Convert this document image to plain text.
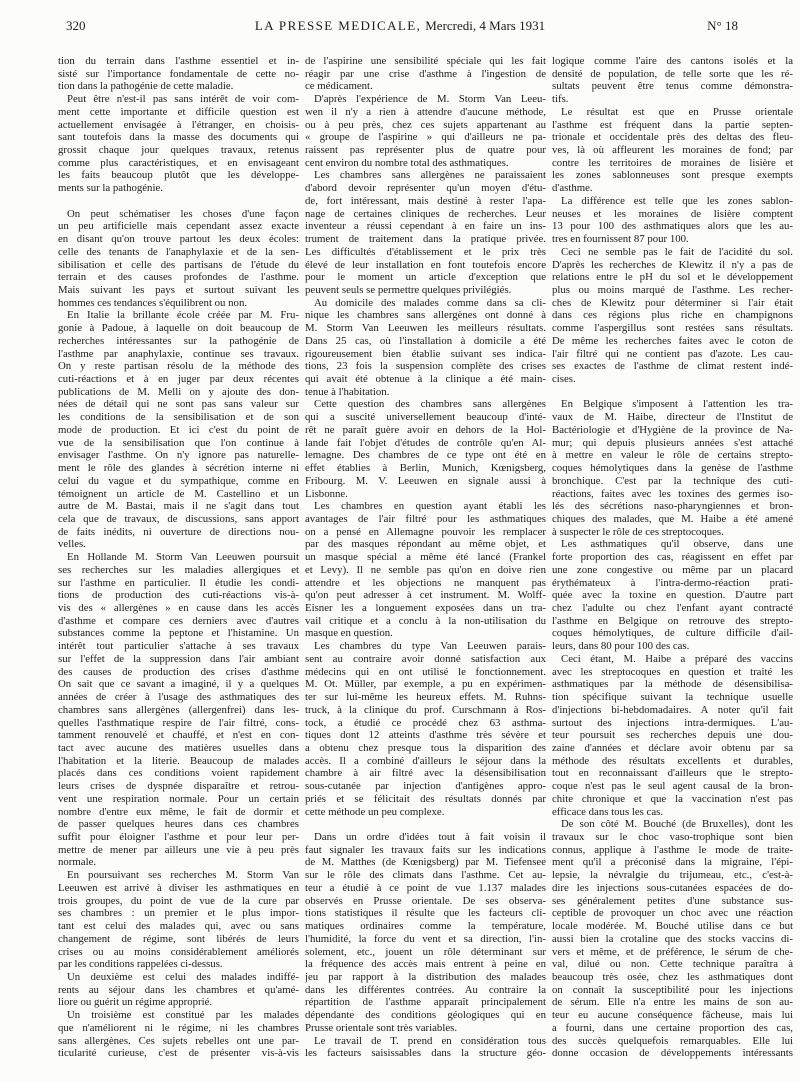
320	LA PRESSE MEDICALE, Mercredi, 4 Mars 1931	N° 18
tion du terrain dans l'asthme essentiel et in-
sisté sur l'importance fondamentale de cette no-
tion dans la pathogénie de cette maladie.
Peut être n'est-il pas sans intérêt de voir com-
ment cette importante et difficile question est
actuellement envisagée à l'étranger, en choisis-
sant toutefois dans la masse des documents qui
grossit chaque jour quelques travaux, retenus
comme plus caractéristiques, et en envisageant
les faits beaucoup plutôt que les développe-
ments sur la pathogénie.
On peut schématiser les choses d'une façon
un peu artificielle mais cependant assez exacte
en disant qu'on trouve partout les deux écoles:
celle des tenants de l'anaphylaxie et de la sen-
sibilisation et celle des partisans de l'étude du
terrain et des causes profondes de l'asthme.
Mais suivant les pays et surtout suivant les
hommes ces tendances s'équilibrent ou non.
En Italie la brillante école créée par M. Fru-
gonie à Padoue, à laquelle on doit beaucoup de
recherches intéressantes sur la pathogénie de
l'asthme par anaphylaxie, continue ses travaux.
On y reste partisan résolu de la méthode des
cuti-réactions et à en juger par deux récentes
publications de M. Melli on y ajoute des don-
nées de détail qui ne sont pas sans valeur sur
les conditions de la sensibilisation et de son
mode de production. Et ici c'est du point de
vue de la sensibilisation que l'on continue à
envisager l'asthme. On n'y ignore pas naturelle-
ment le rôle des glandes à sécrétion interne ni
celui du vague et du sympathique, comme en
témoignent un article de M. Castellino et un
autre de M. Bastai, mais il ne s'agit dans tout
cela que de travaux, de discussions, sans apport
de faits inédits, ni ouverture de directions nou-
velles.
En Hollande M. Storm Van Leeuwen poursuit
ses recherches sur les maladies allergiques et
sur l'asthme en particulier. Il étudie les condi-
tions de production des cuti-réactions vis-à-
vis des « allergènes » en cause dans les accès
d'asthme et compare ces derniers avec d'autres
substances comme la peptone et l'histamine. Un
intérêt tout particulier s'attache à ses travaux
sur l'effet de la suppression dans l'air ambiant
des causes de production des crises d'asthme
On sait que ce savant a imaginé, il y a quelques
années de créer à l'usage des asthmatiques des
chambres sans allergènes (allergenfrei) dans les-
quelles l'asthmatique respire de l'air filtré, cons-
tamment renouvelé et chauffé, et n'est en con-
tact avec aucune des matières usuelles dans
l'habitation et la literie. Beaucoup de malades
placés dans ces conditions voient rapidement
leurs crises de dyspnée disparaître et retrou-
vent une respiration normale. Pour un certain
nombre d'entre eux même, le fait de dormir et
de passer quelques heures dans ces chambres
suffit pour éloigner l'asthme et pour leur per-
mettre de mener par ailleurs une vie à peu près
normale.
En poursuivant ses recherches M. Storm Van
Leeuwen est arrivé à diviser les asthmatiques en
trois groupes, du point de vue de la cure par
ses chambres : un premier et le plus impor-
tant est celui des malades qui, avec ou sans
changement de régime, sont libérés de leurs
crises ou au moins considérablement améliorés
par les conditions rappelées ci-dessus.
Un deuxième est celui des malades indiffé-
rents au séjour dans les chambres et qu'amé-
liore ou guérit un régime approprié.
Un troisième est constitué par les malades
que n'améliorent ni le régime, ni les chambres
sans allergènes. Ces sujets rebelles ont une par-
ticularité curieuse, c'est de présenter vis-à-vis
de l'aspirine une sensibilité spéciale qui les fait
réagir par une crise d'asthme à l'ingestion de
ce médicament.
D'après l'expérience de M. Storm Van Leeu-
wen il n'y a rien à attendre d'aucune méthode,
ou à peu près, chez ces sujets appartenant au
« groupe de l'aspirine » qui d'ailleurs ne pa-
raissent pas représenter plus de quatre pour
cent environ du nombre total des asthmatiques.
Les chambres sans allergènes ne paraissaient
d'abord devoir représenter qu'un moyen d'étu-
de, fort intéressant, mais destiné à rester l'apa-
nage de certaines cliniques de recherches. Leur
inventeur a réussi cependant à en faire un ins-
trument de traitement dans la pratique privée.
Les difficultés d'établissement et le prix très
élevé de leur installation en font toutefois encore
pour le moment un article d'exception que
peuvent seuls se permettre quelques privilégiés.
Au domicile des malades comme dans sa cli-
nique les chambres sans allergènes ont donné à
M. Storm Van Leeuwen les meilleurs résultats.
Dans 25 cas, où l'installation à domicile a été
rigoureusement bien établie suivant ses indica-
tions, 23 fois la suspension complète des crises
qui avait été obtenue à la clinique a été main-
tenue à l'habitation.
Cette question des chambres sans allergènes
qui a suscité universellement beaucoup d'inté-
rêt ne paraît guère avoir en dehors de la Hol-
lande fait l'objet d'études de contrôle qu'en Al-
lemagne. Des chambres de ce type ont été en
effet établies à Berlin, Munich, Kœnigsberg,
Fribourg. M. V. Leeuwen en signale aussi à
Lisbonne.
Les chambres en question ayant établi les
avantages de l'air filtré pour les asthmatiques
on a pensé en Allemagne pouvoir les remplacer
par des masques répondant au même objet, et
un masque spécial a même été lancé (Frankel
et Levy). Il ne semble pas qu'on en doive rien
attendre et les objections ne manquent pas
qu'on peut adresser à cet instrument. M. Wolff-
Eisner les a longuement exposées dans un tra-
vail critique et a conclu à la non-utilisation du
masque en question.
Les chambres du type Van Leeuwen parais-
sent au contraire avoir donné satisfaction aux
médecins qui en ont utilisé le fonctionnement.
M. Ot. Müller, par exemple, a pu en expérimen-
ter sur lui-même les heureux effets. M. Ruhns-
truck, à la clinique du prof. Curschmann à Ros-
tock, a étudié ce procédé chez 63 asthma-
tiques dont 12 atteints d'asthme très sévère et
a obtenu chez presque tous la disparition des
accès. Il a combiné d'ailleurs le séjour dans la
chambre à air filtré avec la désensibilisation
sous-cutanée par injection d'antigènes appro-
priés et se félicitait des résultats donnés par
cette méthode un peu complexe.
Dans un ordre d'idées tout à fait voisin il
faut signaler les travaux faits sur les indications
de M. Matthes (de Kœnigsberg) par M. Tiefensee
sur le rôle des climats dans l'asthme. Cet au-
teur a étudié à ce point de vue 1.137 malades
observés en Prusse orientale. De ses observa-
tions statistiques il résulte que les facteurs cli-
matiques ordinaires comme la température,
l'humidité, la force du vent et sa direction, l'in-
solement, etc., jouent un rôle déterminant sur
la fréquence des accès mais entrent à peine en
jeu par rapport à la distribution des malades
dans les différentes contrées. Au contraire la
répartition de l'asthme apparaît principalement
dépendante des conditions géologiques qui en
Prusse orientale sont très variables.
Le travail de T. prend en considération tous
les facteurs saisissables dans la structure géo-
logique comme l'aire des cantons isolés et la
densité de population, de telle sorte que les ré-
sultats peuvent être tenus comme démonstra-
tifs.
Le résultat est que en Prusse orientale
l'asthme est fréquent dans la partie septen-
trionale et occidentale près des deltas des fleu-
ves, là où affleurent les moraines de fond; par
contre les territoires de moraines de lisière et
les zones sablonneuses sont presque exempts
d'asthme.
La différence est telle que les zones sablon-
neuses et les moraines de lisière comptent
13 pour 100 des asthmatiques alors que les au-
tres en fournissent 87 pour 100.
Ceci ne semble pas le fait de l'acidité du sol.
D'après les recherches de Klewitz il n'y a pas de
relations entre le pH du sol et le développement
plus ou moins marqué de l'asthme. Les recher-
ches de Klewitz pour déterminer si l'air était
dans ces régions plus riche en champignons
comme l'aspergillus sont restées sans résultats.
De même les recherches faites avec le coton de
l'air filtré qui ne contient pas d'azote. Les cau-
ses exactes de l'asthme de climat restent indé-
cises.
En Belgique s'imposent à l'attention les tra-
vaux de M. Haibe, directeur de l'Institut de
Bactériologie et d'Hygiène de la province de Na-
mur; qui depuis plusieurs années s'est attaché
à mettre en valeur le rôle de certains strepto-
coques hémolytiques dans la genèse de l'asthme
bronchique. C'est par la technique des cuti-
réactions, faites avec les toxines des germes iso-
lés des sécrétions naso-pharyngiennes et bron-
chiques des malades, que M. Haibe a été amené
à suspecter le rôle de ces streptocoques.
Les asthmatiques qu'il observe, dans une
forte proportion des cas, réagissent en effet par
une zone congestive ou même par un placard
érythémateux à l'intra-dermo-réaction prati-
quée avec la toxine en question. D'autre part
chez l'adulte ou chez l'enfant ayant contracté
l'asthme en Belgique on retrouve des strepto-
coques hémolytiques, de culture difficile d'ail-
leurs, dans 80 pour 100 des cas.
Ceci étant, M. Haibe a préparé des vaccins
avec les streptocoques en question et traité les
asthmatiques par la méthode de désensibilisa-
tion spécifique suivant la technique usuelle
d'injections bi-hebdomadaires. A noter qu'il fait
surtout des injections intra-dermiques. L'au-
teur poursuit ses recherches depuis une dou-
zaine d'années et déclare avoir obtenu par sa
méthode des résultats excellents et durables,
tout en reconnaissant d'ailleurs que le strepto-
coque n'est pas le seul agent causal de la bron-
chite chronique et que la vaccination n'est pas
efficace dans tous les cas.
De son côté M. Bouché (de Bruxelles), dont les
travaux sur le choc vaso-trophique sont bien
connus, applique à l'asthme le mode de traite-
ment qu'il a préconisé dans la migraine, l'épi-
lepsie, la névralgie du trijumeau, etc., c'est-à-
dire les injections sous-cutanées espacées de do-
ses généralement petites d'une substance sus-
ceptible de provoquer un choc avec une réaction
locale modérée. M. Bouché utilise dans ce but
aussi bien la crotaline que des stocks vaccins di-
vers et même, et de préférence, le sérum de che-
val, dilué ou non. Cette technique paraîtra à
beaucoup très osée, chez les asthmatiques dont
on connaît la susceptibilité pour les injections
de sérum. Elle n'a entre les mains de son au-
teur eu aucune conséquence fâcheuse, mais lui
a fourni, dans une certaine proportion des cas,
des succès quelquefois remarquables. Elle lui
donne occasion de développements intéressants
